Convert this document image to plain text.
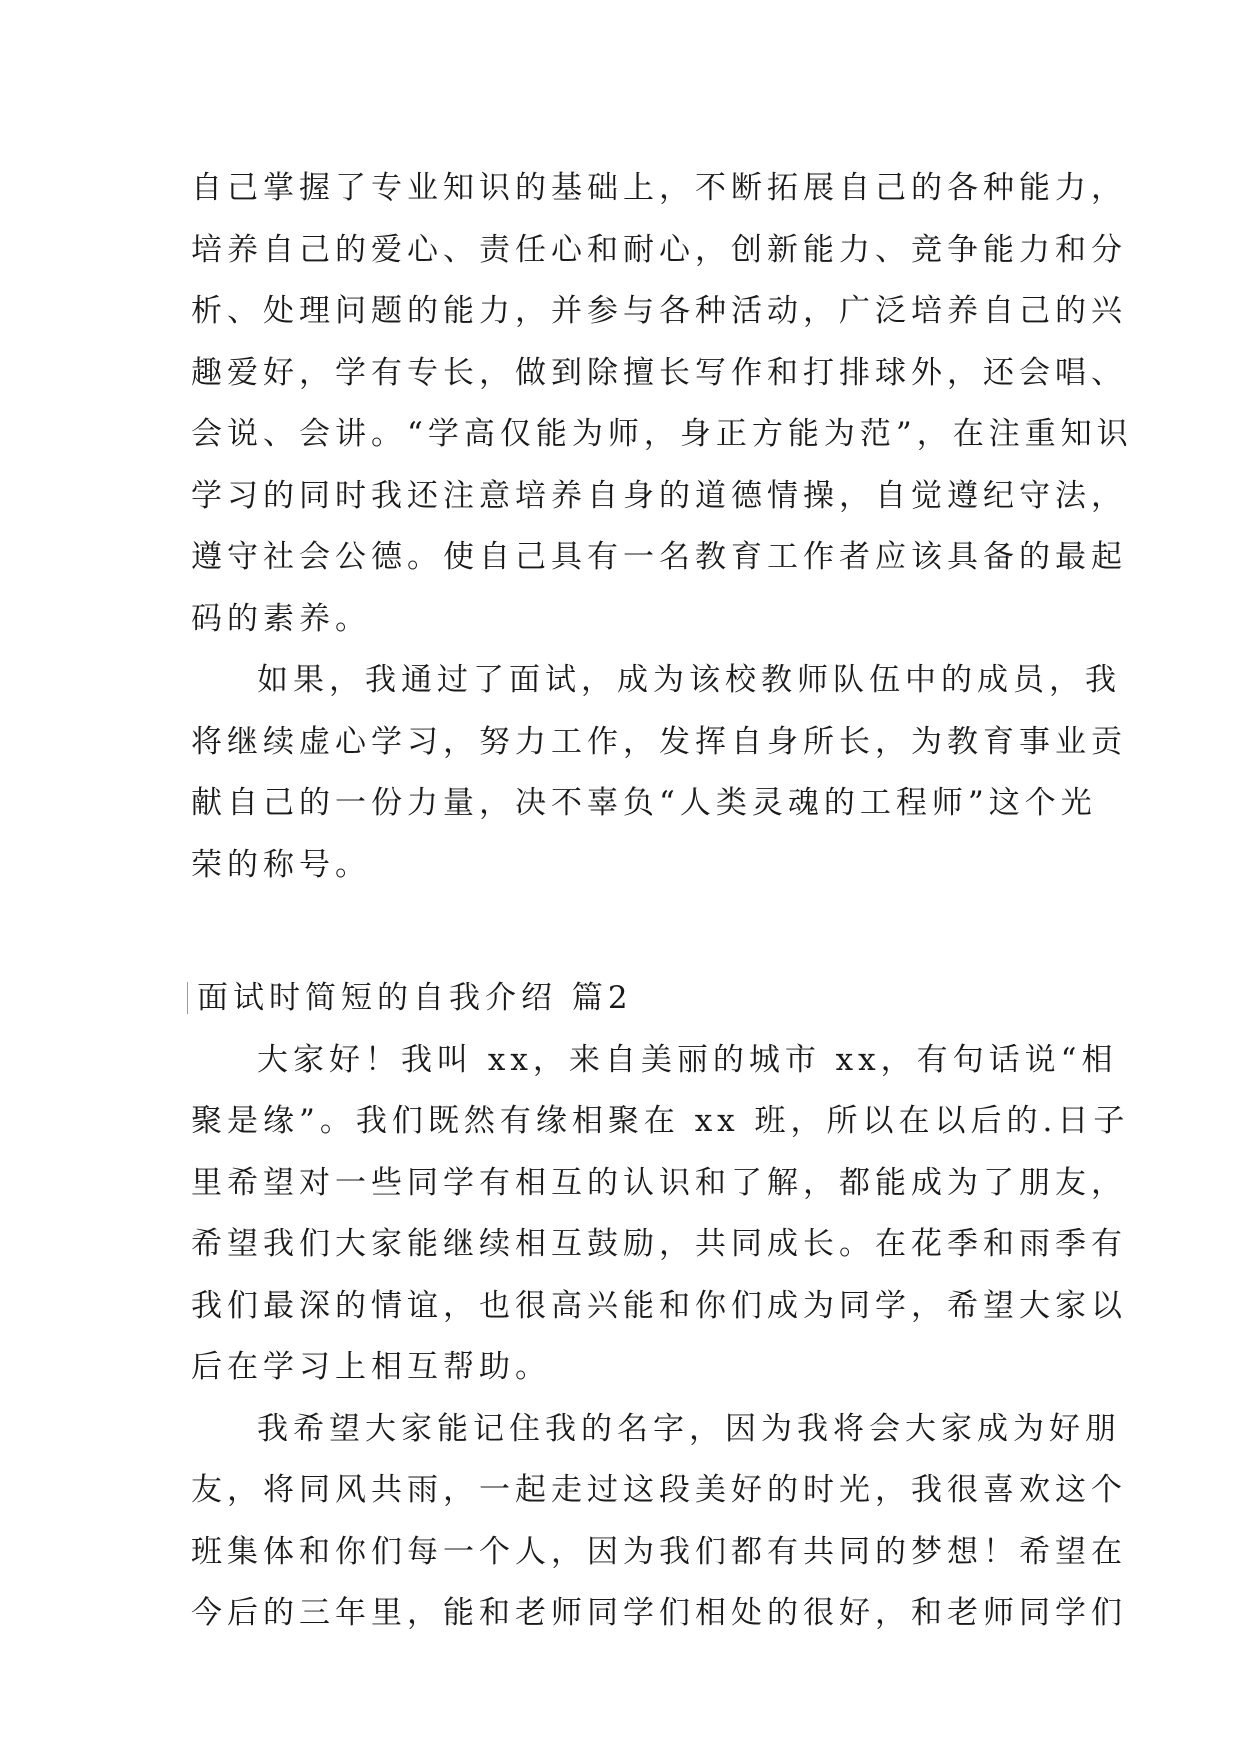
自己掌握了专业知识的基础上，不断拓展自己的各种能力，
培养自己的爱心、责任心和耐心，创新能力、竞争能力和分
析、处理问题的能力，并参与各种活动，广泛培养自己的兴
趣爱好，学有专长，做到除擅长写作和打排球外，还会唱、
会说、会讲。“学高仅能为师，身正方能为范”，在注重知识
学习的同时我还注意培养自身的道德情操，自觉遵纪守法，
遵守社会公德。使自己具有一名教育工作者应该具备的最起
码的素养。
如果，我通过了面试，成为该校教师队伍中的成员，我
将继续虚心学习，努力工作，发挥自身所长，为教育事业贡
献自己的一份力量，决不辜负“人类灵魂的工程师”这个光
荣的称号。
面试时简短的自我介绍 篇2
大家好！我叫 xx，来自美丽的城市 xx，有句话说“相
聚是缘”。我们既然有缘相聚在 xx 班，所以在以后的.日子
里希望对一些同学有相互的认识和了解，都能成为了朋友，
希望我们大家能继续相互鼓励，共同成长。在花季和雨季有
我们最深的情谊，也很高兴能和你们成为同学，希望大家以
后在学习上相互帮助。
我希望大家能记住我的名字，因为我将会大家成为好朋
友，将同风共雨，一起走过这段美好的时光，我很喜欢这个
班集体和你们每一个人，因为我们都有共同的梦想！希望在
今后的三年里，能和老师同学们相处的很好，和老师同学们
